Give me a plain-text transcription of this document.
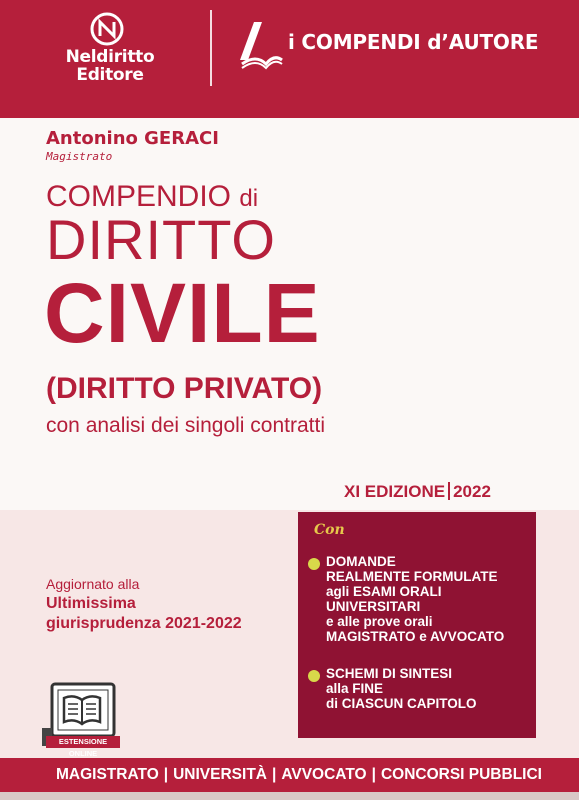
Neldiritto
Editore
i COMPENDI d’AUTORE
Antonino GERACI
Magistrato
COMPENDIO di
DIRITTO
CIVILE
(DIRITTO PRIVATO)
con analisi dei singoli contratti
XI EDIZIONE 2022
Aggiornato alla
Ultimissima
giurisprudenza 2021-2022
Con
DOMANDE
REALMENTE FORMULATE
agli ESAMI ORALI
UNIVERSITARI
e alle prove orali
MAGISTRATO e AVVOCATO
SCHEMI DI SINTESI
alla FINE
di CIASCUN CAPITOLO
ESTENSIONE ONLINE
MAGISTRATO | UNIVERSITÀ | AVVOCATO | CONCORSI PUBBLICI
